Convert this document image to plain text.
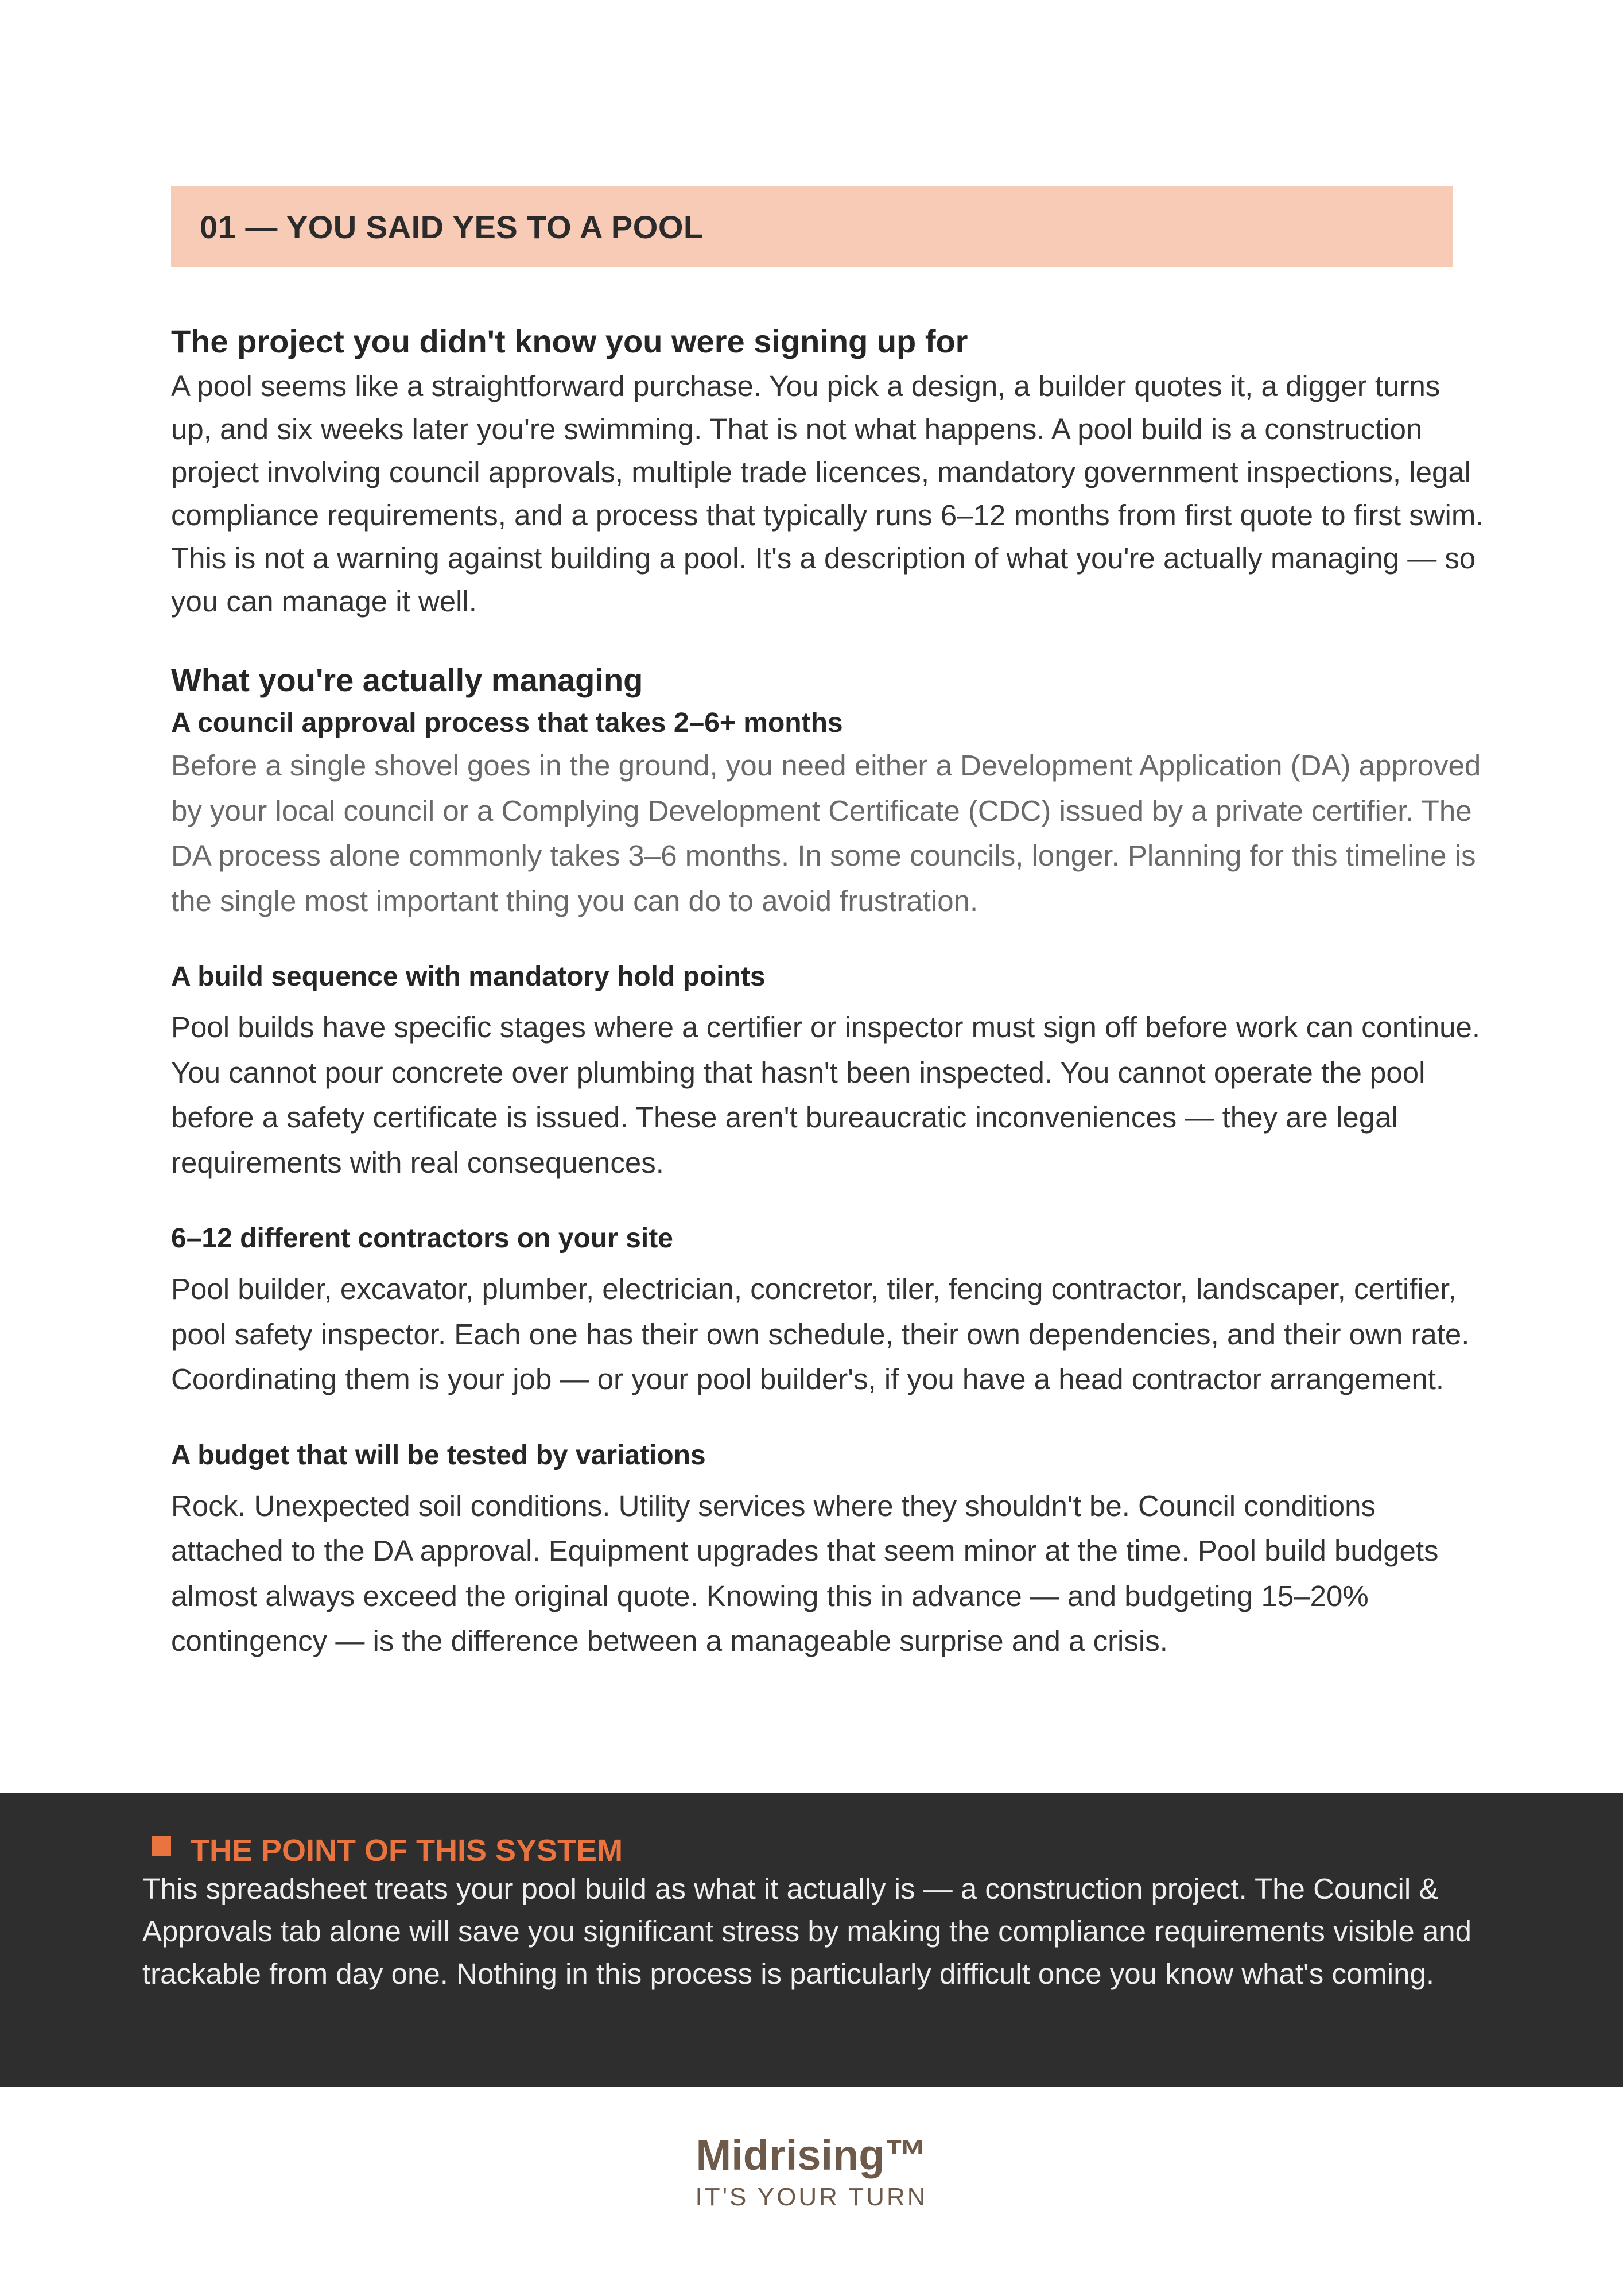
01 — YOU SAID YES TO A POOL

The project you didn't know you were signing up for

A pool seems like a straightforward purchase. You pick a design, a builder quotes it, a digger turns up, and six weeks later you're swimming. That is not what happens. A pool build is a construction project involving council approvals, multiple trade licences, mandatory government inspections, legal compliance requirements, and a process that typically runs 6–12 months from first quote to first swim. This is not a warning against building a pool. It's a description of what you're actually managing — so you can manage it well.

What you're actually managing

A council approval process that takes 2–6+ months

Before a single shovel goes in the ground, you need either a Development Application (DA) approved by your local council or a Complying Development Certificate (CDC) issued by a private certifier. The DA process alone commonly takes 3–6 months. In some councils, longer. Planning for this timeline is the single most important thing you can do to avoid frustration.

A build sequence with mandatory hold points

Pool builds have specific stages where a certifier or inspector must sign off before work can continue. You cannot pour concrete over plumbing that hasn't been inspected. You cannot operate the pool before a safety certificate is issued. These aren't bureaucratic inconveniences — they are legal requirements with real consequences.

6–12 different contractors on your site

Pool builder, excavator, plumber, electrician, concretor, tiler, fencing contractor, landscaper, certifier, pool safety inspector. Each one has their own schedule, their own dependencies, and their own rate. Coordinating them is your job — or your pool builder's, if you have a head contractor arrangement.

A budget that will be tested by variations

Rock. Unexpected soil conditions. Utility services where they shouldn't be. Council conditions attached to the DA approval. Equipment upgrades that seem minor at the time. Pool build budgets almost always exceed the original quote. Knowing this in advance — and budgeting 15–20% contingency — is the difference between a manageable surprise and a crisis.

THE POINT OF THIS SYSTEM

This spreadsheet treats your pool build as what it actually is — a construction project. The Council & Approvals tab alone will save you significant stress by making the compliance requirements visible and trackable from day one. Nothing in this process is particularly difficult once you know what's coming.

Midrising™
IT'S YOUR TURN
